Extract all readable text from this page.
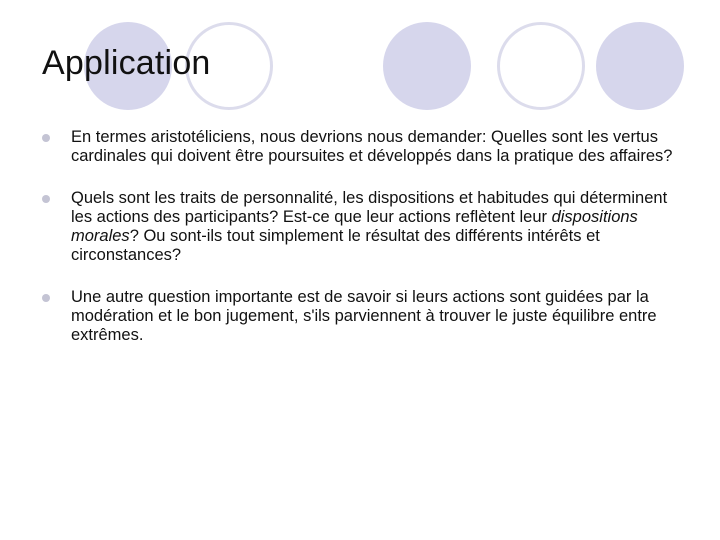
Application
En termes aristotéliciens, nous devrions nous demander: Quelles sont les vertus cardinales qui doivent être poursuites et développés dans la pratique des affaires?
Quels sont les traits de personnalité, les dispositions et habitudes qui déterminent les actions des participants? Est-ce que leur actions reflètent leur dispositions morales? Ou sont-ils tout simplement le résultat des différents intérêts et circonstances?
Une autre question importante est de savoir si leurs actions sont guidées par la modération et le bon jugement, s'ils parviennent à trouver le juste équilibre entre extrêmes.
